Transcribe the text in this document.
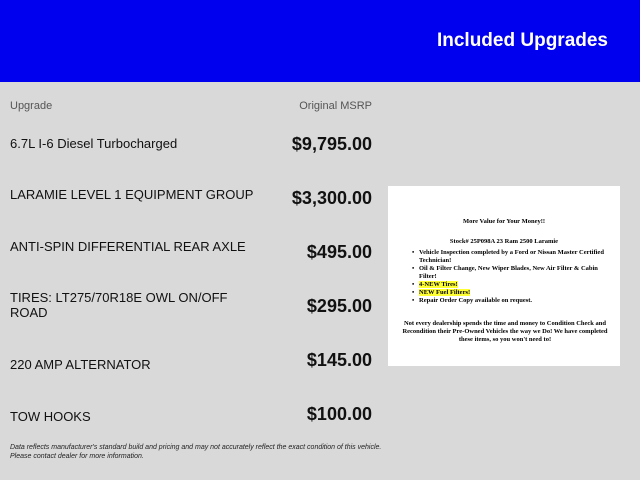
Included Upgrades
Upgrade	Original MSRP
6.7L I-6 Diesel Turbocharged	$9,795.00
LARAMIE LEVEL 1 EQUIPMENT GROUP	$3,300.00
ANTI-SPIN DIFFERENTIAL REAR AXLE	$495.00
TIRES: LT275/70R18E OWL ON/OFF ROAD	$295.00
220 AMP ALTERNATOR	$145.00
TOW HOOKS	$100.00
Data reflects manufacturer's standard build and pricing and may not accurately reflect the exact condition of this vehicle. Please contact dealer for more information.
More Value for Your Money!!
Stock# 25P098A 23 Ram 2500 Laramie
• Vehicle Inspection completed by a Ford or Nissan Master Certified Technician!
• Oil & Filter Change, New Wiper Blades, New Air Filter & Cabin Filter!
• 4-NEW Tires!
• NEW Fuel Filters!
• Repair Order Copy available on request.
Not every dealership spends the time and money to Condition Check and Recondition their Pre-Owned Vehicles the way we Do! We have completed these items, so you won't need to!
